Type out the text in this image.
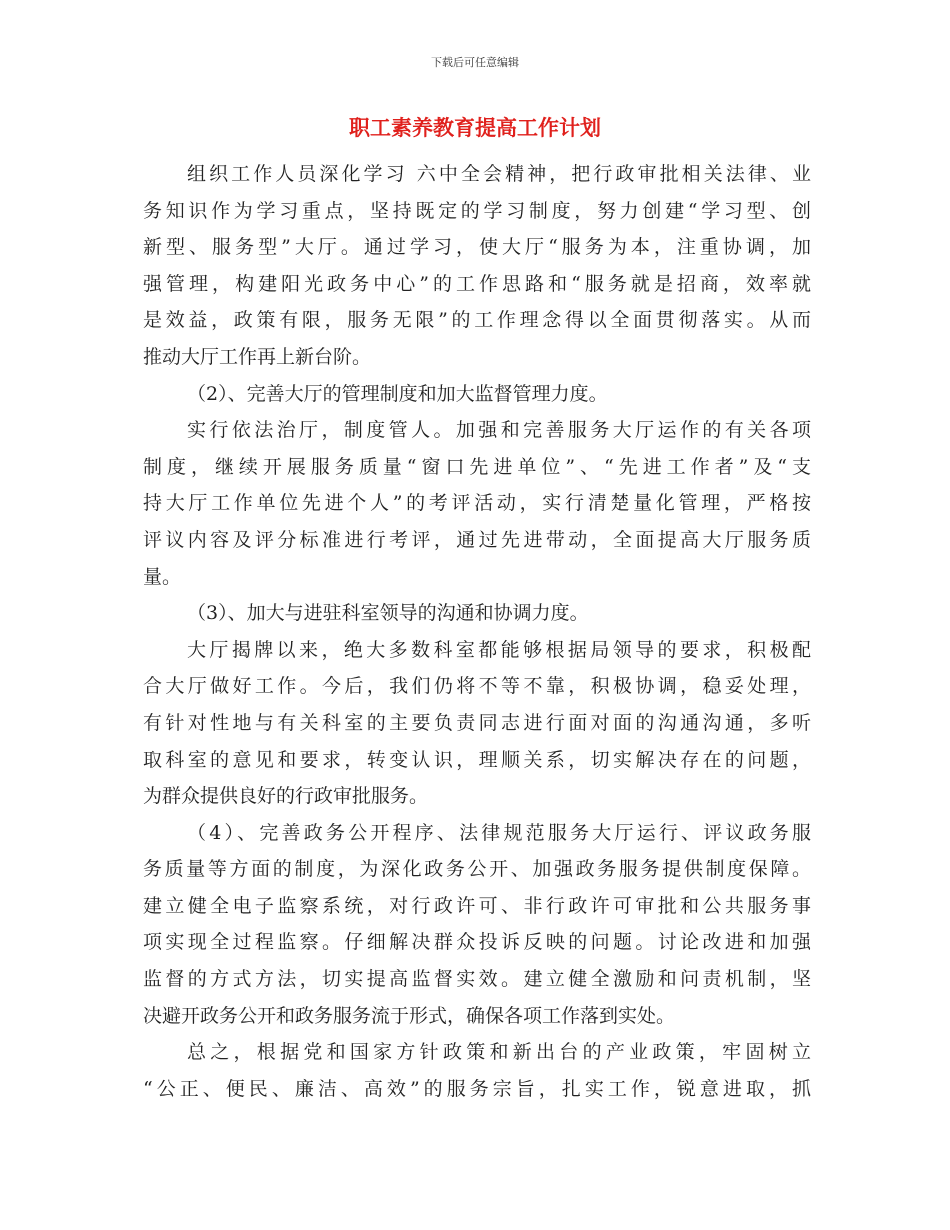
下载后可任意编辑
职工素养教育提高工作计划
组织工作人员深化学习 六中全会精神，把行政审批相关法律、业
务知识作为学习重点，坚持既定的学习制度，努力创建“学习型、创
新型、服务型”大厅。通过学习，使大厅“服务为本，注重协调，加
强管理，构建阳光政务中心”的工作思路和“服务就是招商，效率就
是效益，政策有限，服务无限”的工作理念得以全面贯彻落实。从而
推动大厅工作再上新台阶。
（2）、完善大厅的管理制度和加大监督管理力度。
实行依法治厅，制度管人。加强和完善服务大厅运作的有关各项
制度，继续开展服务质量“窗口先进单位”、“先进工作者”及“支
持大厅工作单位先进个人”的考评活动，实行清楚量化管理，严格按
评议内容及评分标准进行考评，通过先进带动，全面提高大厅服务质
量。
（3）、加大与进驻科室领导的沟通和协调力度。
大厅揭牌以来，绝大多数科室都能够根据局领导的要求，积极配
合大厅做好工作。今后，我们仍将不等不靠，积极协调，稳妥处理，
有针对性地与有关科室的主要负责同志进行面对面的沟通沟通，多听
取科室的意见和要求，转变认识，理顺关系，切实解决存在的问题，
为群众提供良好的行政审批服务。
（4）、完善政务公开程序、法律规范服务大厅运行、评议政务服
务质量等方面的制度，为深化政务公开、加强政务服务提供制度保障。
建立健全电子监察系统，对行政许可、非行政许可审批和公共服务事
项实现全过程监察。仔细解决群众投诉反映的问题。讨论改进和加强
监督的方式方法，切实提高监督实效。建立健全激励和问责机制，坚
决避开政务公开和政务服务流于形式，确保各项工作落到实处。
总之，根据党和国家方针政策和新出台的产业政策，牢固树立
“公正、便民、廉洁、高效”的服务宗旨，扎实工作，锐意进取，抓
